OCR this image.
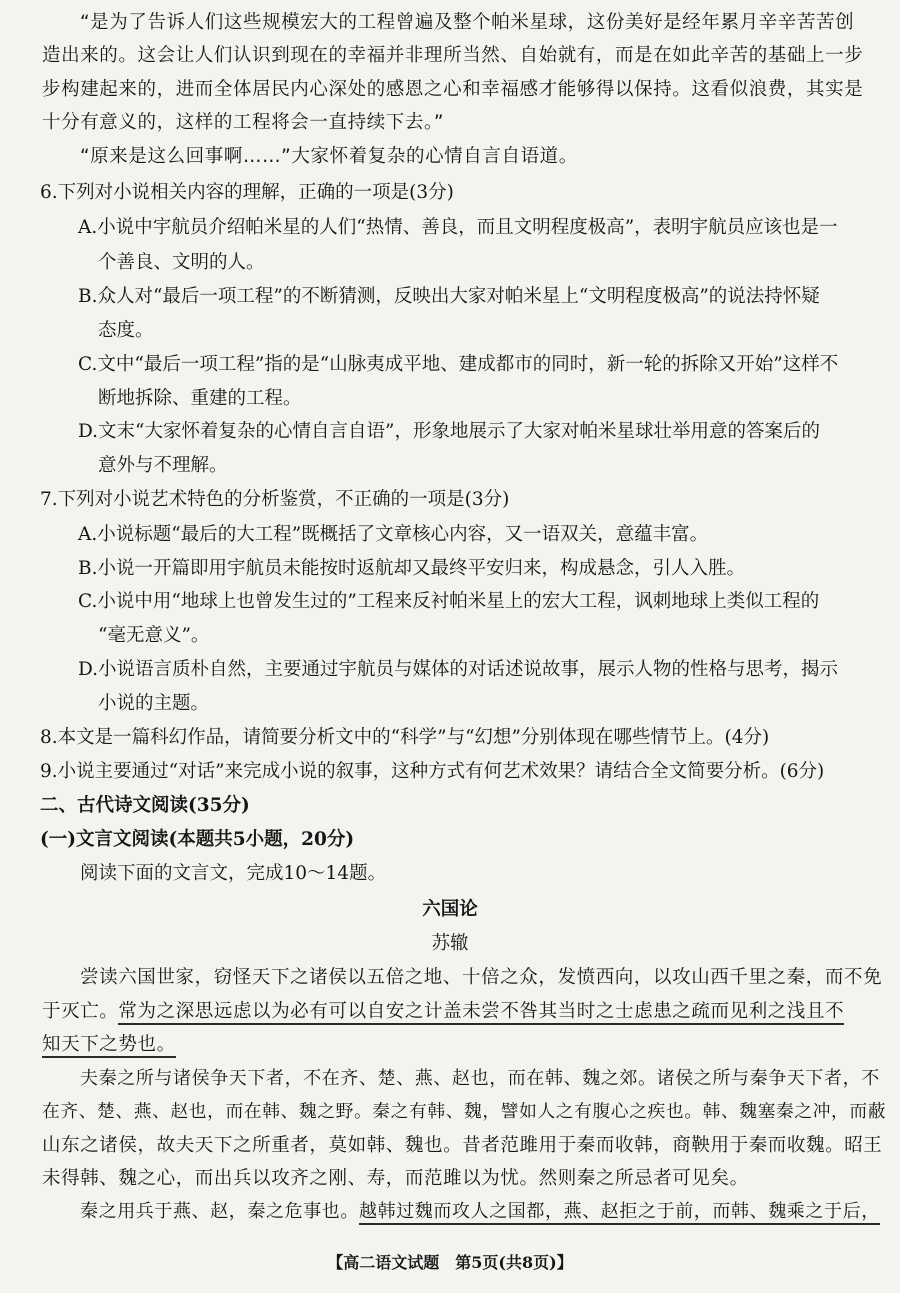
“是为了告诉人们这些规模宏大的工程曾遍及整个帕米星球，这份美好是经年累月辛辛苦苦创
造出来的。这会让人们认识到现在的幸福并非理所当然、自始就有，而是在如此辛苦的基础上一步
步构建起来的，进而全体居民内心深处的感恩之心和幸福感才能够得以保持。这看似浪费，其实是
十分有意义的，这样的工程将会一直持续下去。”
“原来是这么回事啊……”大家怀着复杂的心情自言自语道。
6.下列对小说相关内容的理解，正确的一项是(3分)
A.小说中宇航员介绍帕米星的人们“热情、善良，而且文明程度极高”，表明宇航员应该也是一
个善良、文明的人。
B.众人对“最后一项工程”的不断猜测，反映出大家对帕米星上“文明程度极高”的说法持怀疑
态度。
C.文中“最后一项工程”指的是“山脉夷成平地、建成都市的同时，新一轮的拆除又开始”这样不
断地拆除、重建的工程。
D.文末“大家怀着复杂的心情自言自语”，形象地展示了大家对帕米星球壮举用意的答案后的
意外与不理解。
7.下列对小说艺术特色的分析鉴赏，不正确的一项是(3分)
A.小说标题“最后的大工程”既概括了文章核心内容，又一语双关，意蕴丰富。
B.小说一开篇即用宇航员未能按时返航却又最终平安归来，构成悬念，引人入胜。
C.小说中用“地球上也曾发生过的”工程来反衬帕米星上的宏大工程，讽刺地球上类似工程的
“毫无意义”。
D.小说语言质朴自然，主要通过宇航员与媒体的对话述说故事，展示人物的性格与思考，揭示
小说的主题。
8.本文是一篇科幻作品，请简要分析文中的“科学”与“幻想”分别体现在哪些情节上。(4分)
9.小说主要通过“对话”来完成小说的叙事，这种方式有何艺术效果？请结合全文简要分析。(6分)
二、古代诗文阅读(35分)
(一)文言文阅读(本题共5小题，20分)
阅读下面的文言文，完成10～14题。
六国论
苏辙
尝读六国世家，窃怪天下之诸侯以五倍之地、十倍之众，发愤西向，以攻山西千里之秦，而不免
于灭亡。常为之深思远虑以为必有可以自安之计盖未尝不咎其当时之士虑患之疏而见利之浅且不
知天下之势也。
夫秦之所与诸侯争天下者，不在齐、楚、燕、赵也，而在韩、魏之郊。诸侯之所与秦争天下者，不
在齐、楚、燕、赵也，而在韩、魏之野。秦之有韩、魏，譬如人之有腹心之疾也。韩、魏塞秦之冲，而蔽
山东之诸侯，故夫天下之所重者，莫如韩、魏也。昔者范雎用于秦而收韩，商鞅用于秦而收魏。昭王
未得韩、魏之心，而出兵以攻齐之刚、寿，而范雎以为忧。然则秦之所忌者可见矣。
秦之用兵于燕、赵，秦之危事也。越韩过魏而攻人之国都，燕、赵拒之于前，而韩、魏乘之于后，
【高二语文试题　第5页(共8页)】
